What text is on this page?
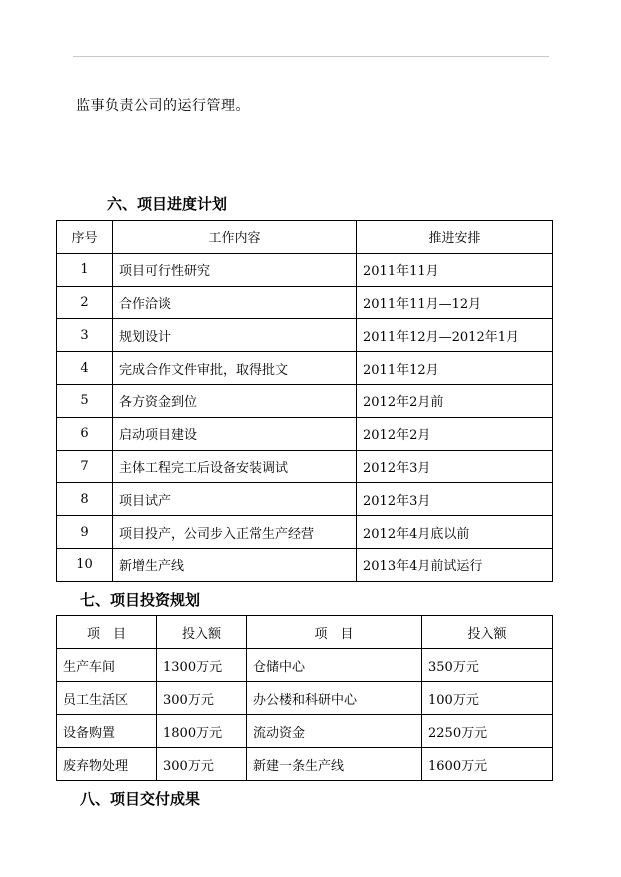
监事负责公司的运行管理。
六、项目进度计划
序号	工作内容	推进安排
1	项目可行性研究	2011年11月
2	合作洽谈	2011年11月—12月
3	规划设计	2011年12月—2012年1月
4	完成合作文件审批，取得批文	2011年12月
5	各方资金到位	2012年2月前
6	启动项目建设	2012年2月
7	主体工程完工后设备安装调试	2012年3月
8	项目试产	2012年3月
9	项目投产，公司步入正常生产经营	2012年4月底以前
10	新增生产线	2013年4月前试运行
七、项目投资规划
项　目	投入额	项　目	投入额
生产车间	1300万元	仓储中心	350万元
员工生活区	300万元	办公楼和科研中心	100万元
设备购置	1800万元	流动资金	2250万元
废弃物处理	300万元	新建一条生产线	1600万元
八、项目交付成果
